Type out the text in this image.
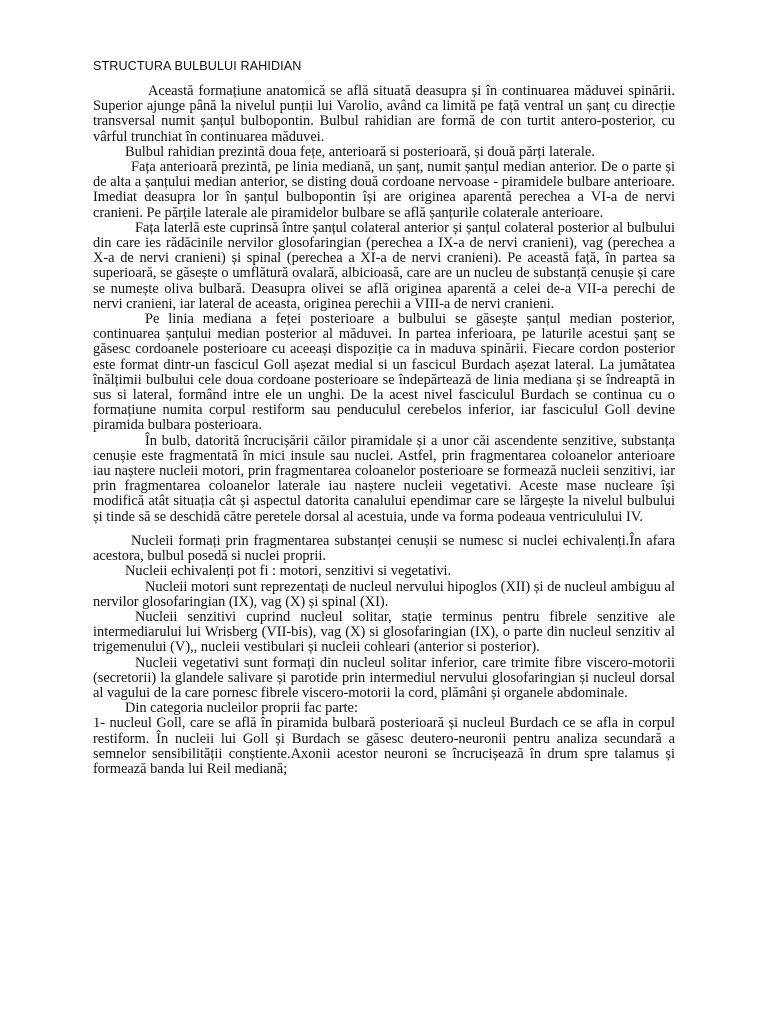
STRUCTURA BULBULUI RAHIDIAN

Această formațiune anatomică se află situată deasupra și în continuarea măduvei spinării. Superior ajunge până la nivelul punții lui Varolio, având ca limită pe față ventral un șanț cu direcție transversal numit șanțul bulbopontin. Bulbul rahidian are formă de con turtit antero-posterior, cu vârful trunchiat în continuarea măduvei.

Bulbul rahidian prezintă doua fețe, anterioară si posterioară, și două părți laterale.

Fața anterioară prezintă, pe linia mediană, un șanț, numit șanțul median anterior. De o parte și de alta a șanțului median anterior, se disting două cordoane nervoase - piramidele bulbare anterioare. Imediat deasupra lor în șanțul bulbopontin își are originea aparentă perechea a VI-a de nervi cranieni. Pe părțile laterale ale piramidelor bulbare se află șanțurile colaterale anterioare.

Fața laterlă este cuprinsă între șanțul colateral anterior și șanțul colateral posterior al bulbului din care ies rădăcinile nervilor glosofaringian (perechea a IX-a de nervi cranieni), vag (perechea a X-a de nervi cranieni) și spinal (perechea a XI-a de nervi cranieni). Pe această față, în partea sa superioară, se găsește o umflătură ovalară, albicioasă, care are un nucleu de substanță cenușie și care se numește oliva bulbară. Deasupra olivei se află originea aparentă a celei de-a VII-a perechi de nervi cranieni, iar lateral de aceasta, originea perechii a VIII-a de nervi cranieni.

Pe linia mediana a feței posterioare a bulbului se găsește șanțul median posterior, continuarea șanțului median posterior al măduvei. In partea inferioara, pe laturile acestui șanț se găsesc cordoanele posterioare cu aceeași dispoziție ca in maduva spinării. Fiecare cordon posterior este format dintr-un fascicul Goll așezat medial si un fascicul Burdach așezat lateral. La jumătatea înălțimii bulbului cele doua cordoane posterioare se îndepărtează de linia mediana și se îndreaptă in sus si lateral, formând intre ele un unghi. De la acest nivel fasciculul Burdach se continua cu o formațiune numita corpul restiform sau penduculul cerebelos inferior, iar fasciculul Goll devine piramida bulbara posterioara.

În bulb, datorită încrucișării căilor piramidale și a unor căi ascendente senzitive, substanța cenușie este fragmentată în mici insule sau nuclei. Astfel, prin fragmentarea coloanelor anterioare iau naștere nucleii motori, prin fragmentarea coloanelor posterioare se formează nucleii senzitivi, iar prin fragmentarea coloanelor laterale iau naștere nucleii vegetativi. Aceste mase nucleare își modifică atât situația cât și aspectul datorita canalului ependimar care se lărgește la nivelul bulbului și tinde să se deschidă către peretele dorsal al acestuia, unde va forma podeaua ventriculului IV.

Nucleii formați prin fragmentarea substanței cenușii se numesc si nuclei echivalenți.În afara acestora, bulbul posedă si nuclei proprii.

Nucleii echivalenți pot fi : motori, senzitivi si vegetativi.

Nucleii motori sunt reprezentați de nucleul nervului hipoglos (XII) și de nucleul ambiguu al nervilor glosofaringian (IX), vag (X) și spinal (XI).

Nucleii senzitivi cuprind nucleul solitar, stație terminus pentru fibrele senzitive ale intermediarului lui Wrisberg (VII-bis), vag (X) si glosofaringian (IX), o parte din nucleul senzitiv al trigemenului (V),, nucleii vestibulari și nucleii cohleari (anterior si posterior).

Nucleii vegetativi sunt formați din nucleul solitar inferior, care trimite fibre viscero-motorii (secretorii) la glandele salivare și parotide prin intermediul nervului glosofaringian și nucleul dorsal al vagului de la care pornesc fibrele viscero-motorii la cord, plămâni și organele abdominale.

Din categoria nucleilor proprii fac parte:

1- nucleul Goll, care se află în piramida bulbară posterioară și nucleul Burdach ce se afla in corpul restiform. În nucleii lui Goll și Burdach se găsesc deutero-neuronii pentru analiza secundară a semnelor sensibilității conștiente.Axonii acestor neuroni se încrucișează în drum spre talamus și formează banda lui Reil mediană;
